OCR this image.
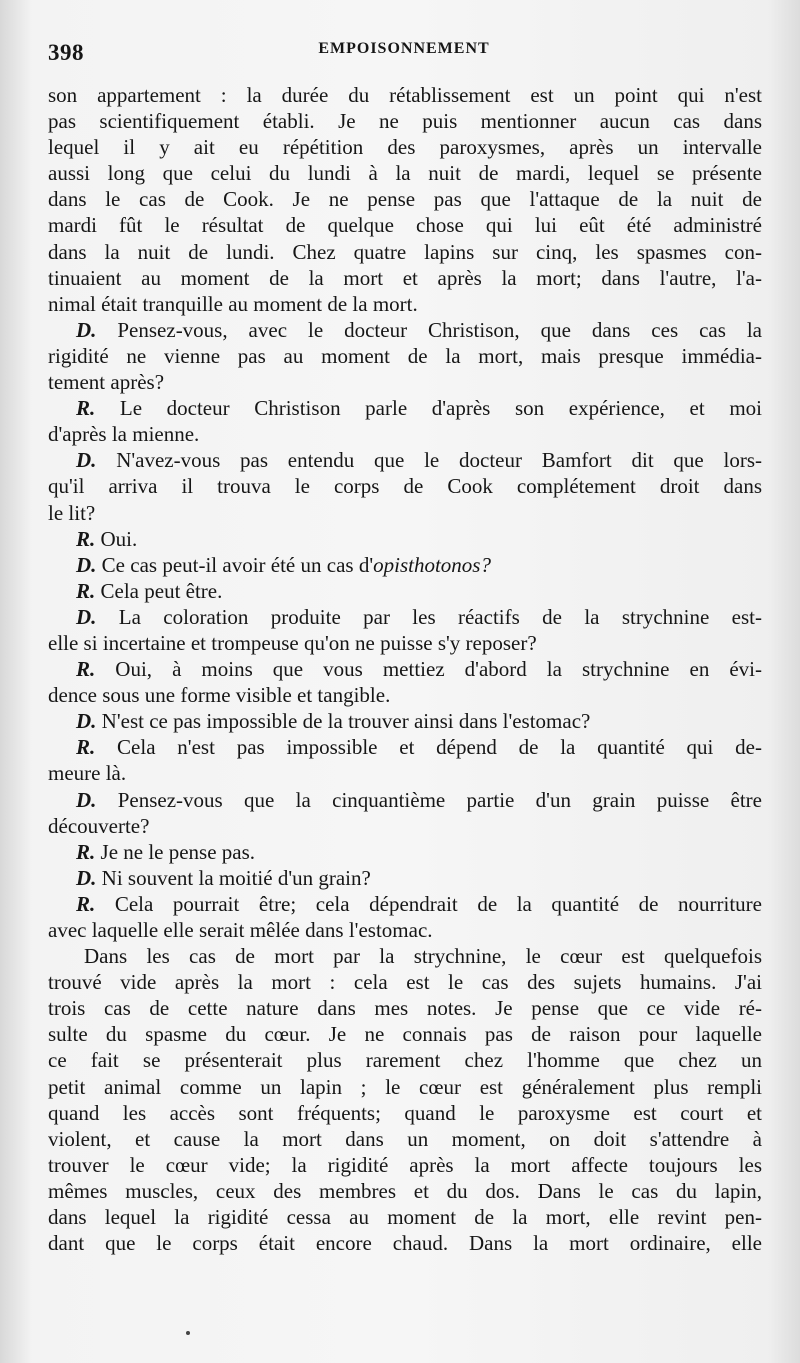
398	EMPOISONNEMENT
son appartement : la durée du rétablissement est un point qui n'est
pas scientifiquement établi. Je ne puis mentionner aucun cas dans
lequel il y ait eu répétition des paroxysmes, après un intervalle
aussi long que celui du lundi à la nuit de mardi, lequel se présente
dans le cas de Cook. Je ne pense pas que l'attaque de la nuit de
mardi fût le résultat de quelque chose qui lui eût été administré
dans la nuit de lundi. Chez quatre lapins sur cinq, les spasmes con-
tinuaient au moment de la mort et après la mort; dans l'autre, l'a-
nimal était tranquille au moment de la mort.
D. Pensez-vous, avec le docteur Christison, que dans ces cas la
rigidité ne vienne pas au moment de la mort, mais presque immédia-
tement après?
R. Le docteur Christison parle d'après son expérience, et moi
d'après la mienne.
D. N'avez-vous pas entendu que le docteur Bamfort dit que lors-
qu'il arriva il trouva le corps de Cook complétement droit dans
le lit?
R. Oui.
D. Ce cas peut-il avoir été un cas d'opisthotonos?
R. Cela peut être.
D. La coloration produite par les réactifs de la strychnine est-
elle si incertaine et trompeuse qu'on ne puisse s'y reposer?
R. Oui, à moins que vous mettiez d'abord la strychnine en évi-
dence sous une forme visible et tangible.
D. N'est ce pas impossible de la trouver ainsi dans l'estomac?
R. Cela n'est pas impossible et dépend de la quantité qui de-
meure là.
D. Pensez-vous que la cinquantième partie d'un grain puisse être
découverte?
R. Je ne le pense pas.
D. Ni souvent la moitié d'un grain?
R. Cela pourrait être; cela dépendrait de la quantité de nourriture
avec laquelle elle serait mêlée dans l'estomac.
Dans les cas de mort par la strychnine, le cœur est quelquefois
trouvé vide après la mort : cela est le cas des sujets humains. J'ai
trois cas de cette nature dans mes notes. Je pense que ce vide ré-
sulte du spasme du cœur. Je ne connais pas de raison pour laquelle
ce fait se présenterait plus rarement chez l'homme que chez un
petit animal comme un lapin ; le cœur est généralement plus rempli
quand les accès sont fréquents; quand le paroxysme est court et
violent, et cause la mort dans un moment, on doit s'attendre à
trouver le cœur vide; la rigidité après la mort affecte toujours les
mêmes muscles, ceux des membres et du dos. Dans le cas du lapin,
dans lequel la rigidité cessa au moment de la mort, elle revint pen-
dant que le corps était encore chaud. Dans la mort ordinaire, elle
